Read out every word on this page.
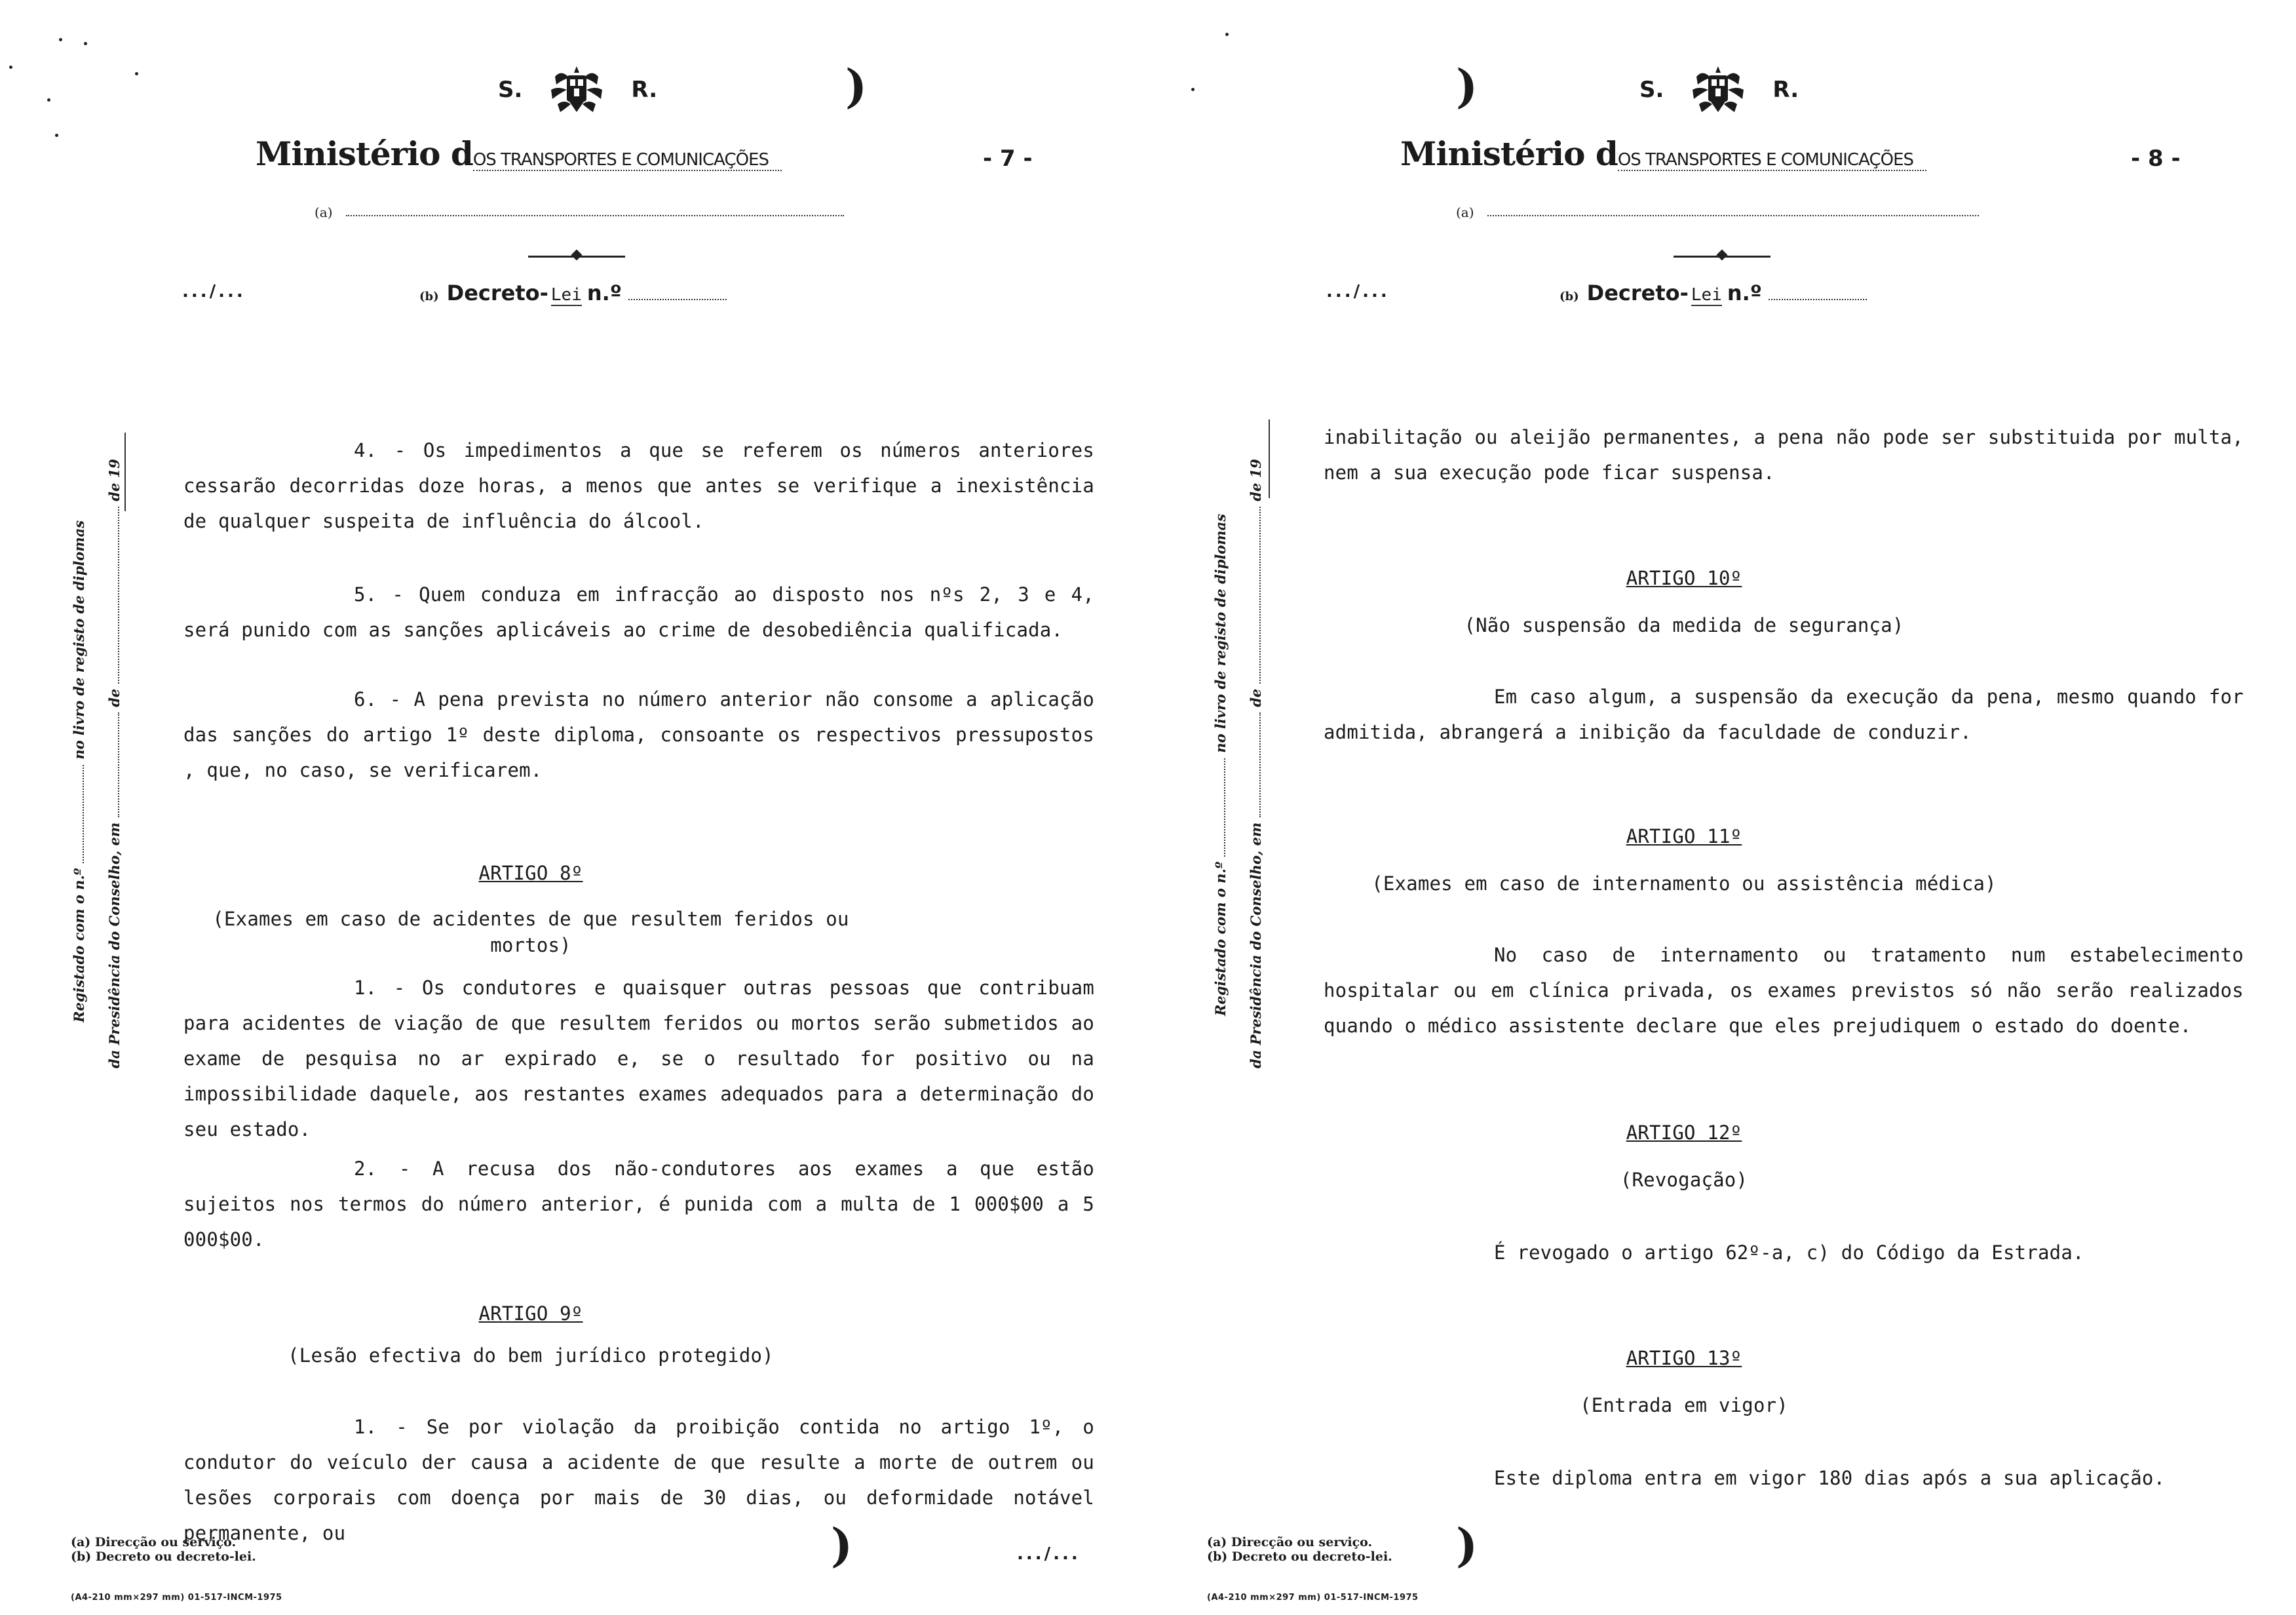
S.	R.	)
Ministério d OS TRANSPORTES E COMUNICAÇÕES	- 7 -
(a)
.../...	(b) Decreto- Lei n.º
Registado com o n.º
no livro de registo de diplomas
da Presidência do Conselho, em
de
de 19

4. - Os impedimentos a que se referem os números anteriores cessarão decorridas doze horas, a menos que antes se verifique a inexistência de qualquer suspeita de influência do álcool.

5. - Quem conduza em infracção ao disposto nos nºs 2, 3 e 4, será punido com as sanções aplicáveis ao crime de desobediência qualificada.

6. - A pena prevista no número anterior não consome a aplicação das sanções do artigo 1º deste diploma, consoante os respectivos pressupostos , que, no caso, se verificarem.

ARTIGO 8º
(Exames em caso de acidentes de que resultem feridos ou mortos)

1. - Os condutores e quaisquer outras pessoas que contribuam para acidentes de viação de que resultem feridos ou mortos serão submetidos ao exame de pesquisa no ar expirado e, se o resultado for positivo ou na impossibilidade daquele, aos restantes exames adequados para a determinação do seu estado.

2. - A recusa dos não-condutores aos exames a que estão sujeitos nos termos do número anterior, é punida com a multa de 1 000$00 a 5 000$00.

ARTIGO 9º
(Lesão efectiva do bem jurídico protegido)

1. - Se por violação da proibição contida no artigo 1º, o condutor do veículo der causa a acidente de que resulte a morte de outrem ou lesões corporais com doença por mais de 30 dias, ou deformidade notável permanente, ou

(a) Direcção ou serviço.
(b) Decreto ou decreto-lei.
(A4-210 mm×297 mm) 01-517-INCM-1975
)	.../...
)	S.	R.
Ministério d OS TRANSPORTES E COMUNICAÇÕES	- 8 -
(a)
.../...	(b) Decreto- Lei n.º
Registado com o n.º
no livro de registo de diplomas
da Presidência do Conselho, em
de
de 19

inabilitação ou aleijão permanentes, a pena não pode ser substituida por multa, nem a sua execução pode ficar suspensa.

ARTIGO 10º
(Não suspensão da medida de segurança)

Em caso algum, a suspensão da execução da pena, mesmo quando for admitida, abrangerá a inibição da faculdade de conduzir.

ARTIGO 11º
(Exames em caso de internamento ou assistência médica)

No caso de internamento ou tratamento num estabelecimento hospitalar ou em clínica privada, os exames previstos só não serão realizados quando o médico assistente declare que eles prejudiquem o estado do doente.

ARTIGO 12º
(Revogação)

É revogado o artigo 62º-a, c) do Código da Estrada.

ARTIGO 13º
(Entrada em vigor)

Este diploma entra em vigor 180 dias após a sua aplicação.

(a) Direcção ou serviço.
(b) Decreto ou decreto-lei. )
(A4-210 mm×297 mm) 01-517-INCM-1975
